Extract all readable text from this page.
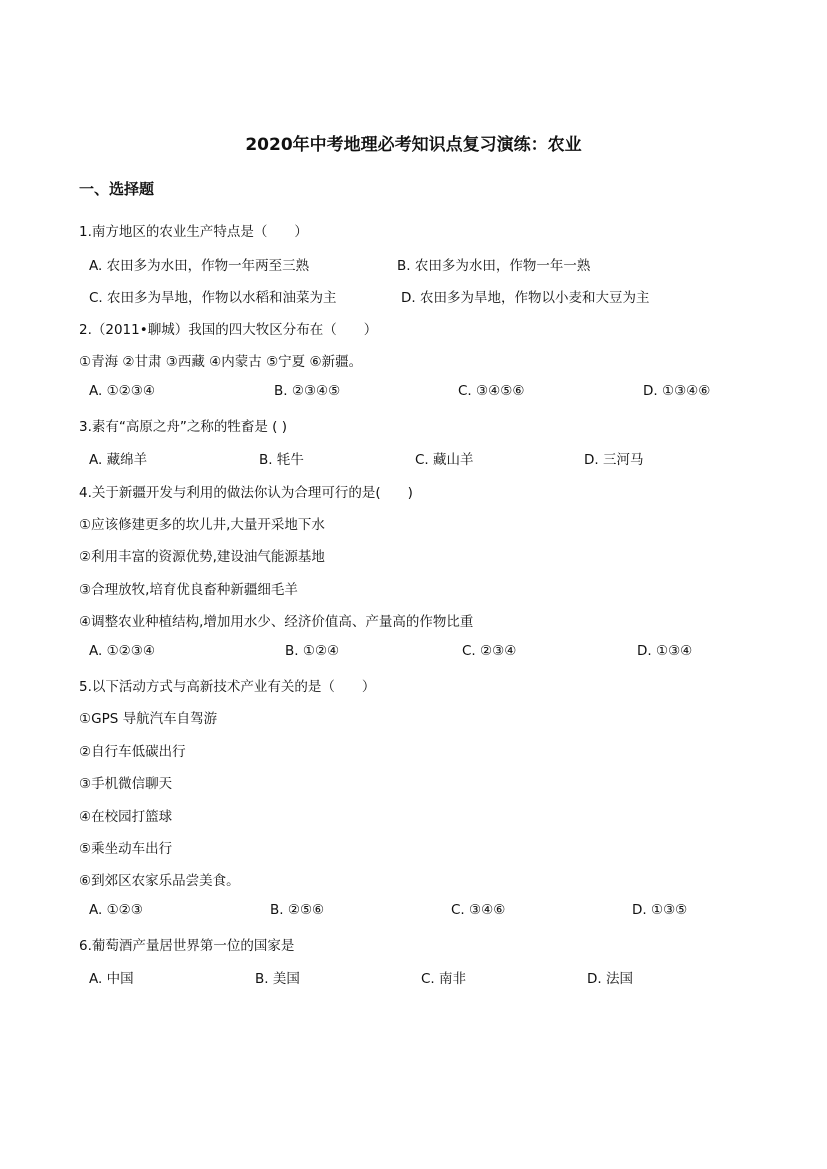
2020年中考地理必考知识点复习演练：农业
一、选择题
1.南方地区的农业生产特点是（　　）
A. 农田多为水田，作物一年两至三熟	B. 农田多为水田，作物一年一熟
C. 农田多为旱地，作物以水稻和油菜为主	D. 农田多为旱地，作物以小麦和大豆为主
2.（2011•聊城）我国的四大牧区分布在（　　）
①青海 ②甘肃 ③西藏 ④内蒙古 ⑤宁夏 ⑥新疆。
A. ①②③④	B. ②③④⑤	C. ③④⑤⑥	D. ①③④⑥
3.素有“高原之舟”之称的牲畜是 ( )
A. 藏绵羊	B. 牦牛	C. 藏山羊	D. 三河马
4.关于新疆开发与利用的做法你认为合理可行的是(　　)
①应该修建更多的坎儿井,大量开采地下水
②利用丰富的资源优势,建设油气能源基地
③合理放牧,培育优良畜种新疆细毛羊
④调整农业种植结构,增加用水少、经济价值高、产量高的作物比重
A. ①②③④	B. ①②④	C. ②③④	D. ①③④
5.以下活动方式与高新技术产业有关的是（　　）
①GPS 导航汽车自驾游
②自行车低碳出行
③手机微信聊天
④在校园打篮球
⑤乘坐动车出行
⑥到郊区农家乐品尝美食。
A. ①②③	B. ②⑤⑥	C. ③④⑥	D. ①③⑤
6.葡萄酒产量居世界第一位的国家是
A. 中国	B. 美国	C. 南非	D. 法国
